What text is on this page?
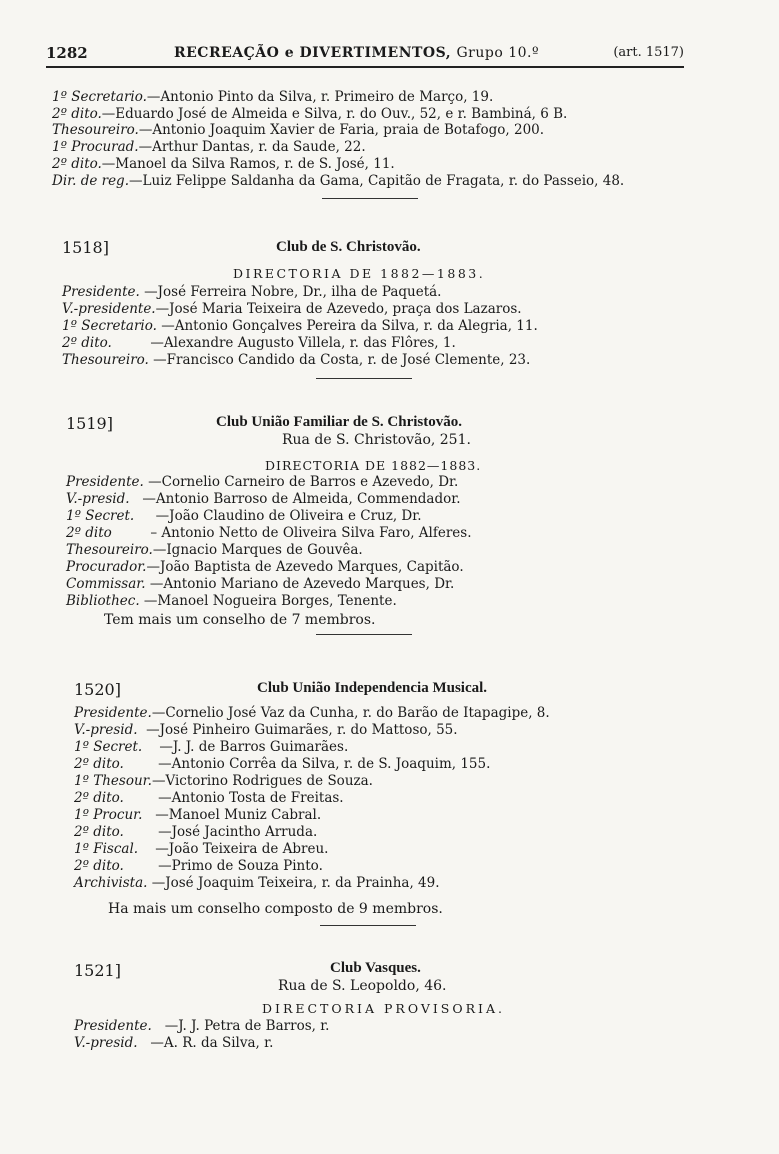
1282	RECREAÇÃO e DIVERTIMENTOS, Grupo 10.º	(art. 1517)
1º Secretario.—Antonio Pinto da Silva, r. Primeiro de Março, 19.
2º dito.—Eduardo José de Almeida e Silva, r. do Ouv., 52, e r. Bambiná, 6 B.
Thesoureiro.—Antonio Joaquim Xavier de Faria, praia de Botafogo, 200.
1º Procurad.—Arthur Dantas, r. da Saude, 22.
2º dito.—Manoel da Silva Ramos, r. de S. José, 11.
Dir. de reg.—Luiz Felippe Saldanha da Gama, Capitão de Fragata, r. do Passeio, 48.
1518]	Club de S. Christovão.
DIRECTORIA DE 1882—1883.
Presidente. —José Ferreira Nobre, Dr., ilha de Paquetá.
V.-presidente.—José Maria Teixeira de Azevedo, praça dos Lazaros.
1º Secretario. —Antonio Gonçalves Pereira da Silva, r. da Alegria, 11.
2º dito.	—Alexandre Augusto Villela, r. das Flôres, 1.
Thesoureiro. —Francisco Candido da Costa, r. de José Clemente, 23.
1519]	Club União Familiar de S. Christovão.
Rua de S. Christovão, 251.
DIRECTORIA DE 1882—1883.
Presidente. —Cornelio Carneiro de Barros e Azevedo, Dr.
V.-presid. —Antonio Barroso de Almeida, Commendador.
1º Secret. —João Claudino de Oliveira e Cruz, Dr.
2º dito	– Antonio Netto de Oliveira Silva Faro, Alferes.
Thesoureiro.—Ignacio Marques de Gouvêa.
Procurador.—João Baptista de Azevedo Marques, Capitão.
Commissar. —Antonio Mariano de Azevedo Marques, Dr.
Bibliothec. —Manoel Nogueira Borges, Tenente.
Tem mais um conselho de 7 membros.
1520]	Club União Independencia Musical.
Presidente.—Cornelio José Vaz da Cunha, r. do Barão de Itapagipe, 8.
V.-presid. —José Pinheiro Guimarães, r. do Mattoso, 55.
1º Secret. —J. J. de Barros Guimarães.
2º dito.	—Antonio Corrêa da Silva, r. de S. Joaquim, 155.
1º Thesour.—Victorino Rodrigues de Souza.
2º dito.	—Antonio Tosta de Freitas.
1º Procur. —Manoel Muniz Cabral.
2º dito.	—José Jacintho Arruda.
1º Fiscal. —João Teixeira de Abreu.
2º dito.	—Primo de Souza Pinto.
Archivista. —José Joaquim Teixeira, r. da Prainha, 49.
Ha mais um conselho composto de 9 membros.
1521]	Club Vasques.
Rua de S. Leopoldo, 46.
DIRECTORIA PROVISORIA.
Presidente. —J. J. Petra de Barros, r.
V.-presid. —A. R. da Silva, r.
